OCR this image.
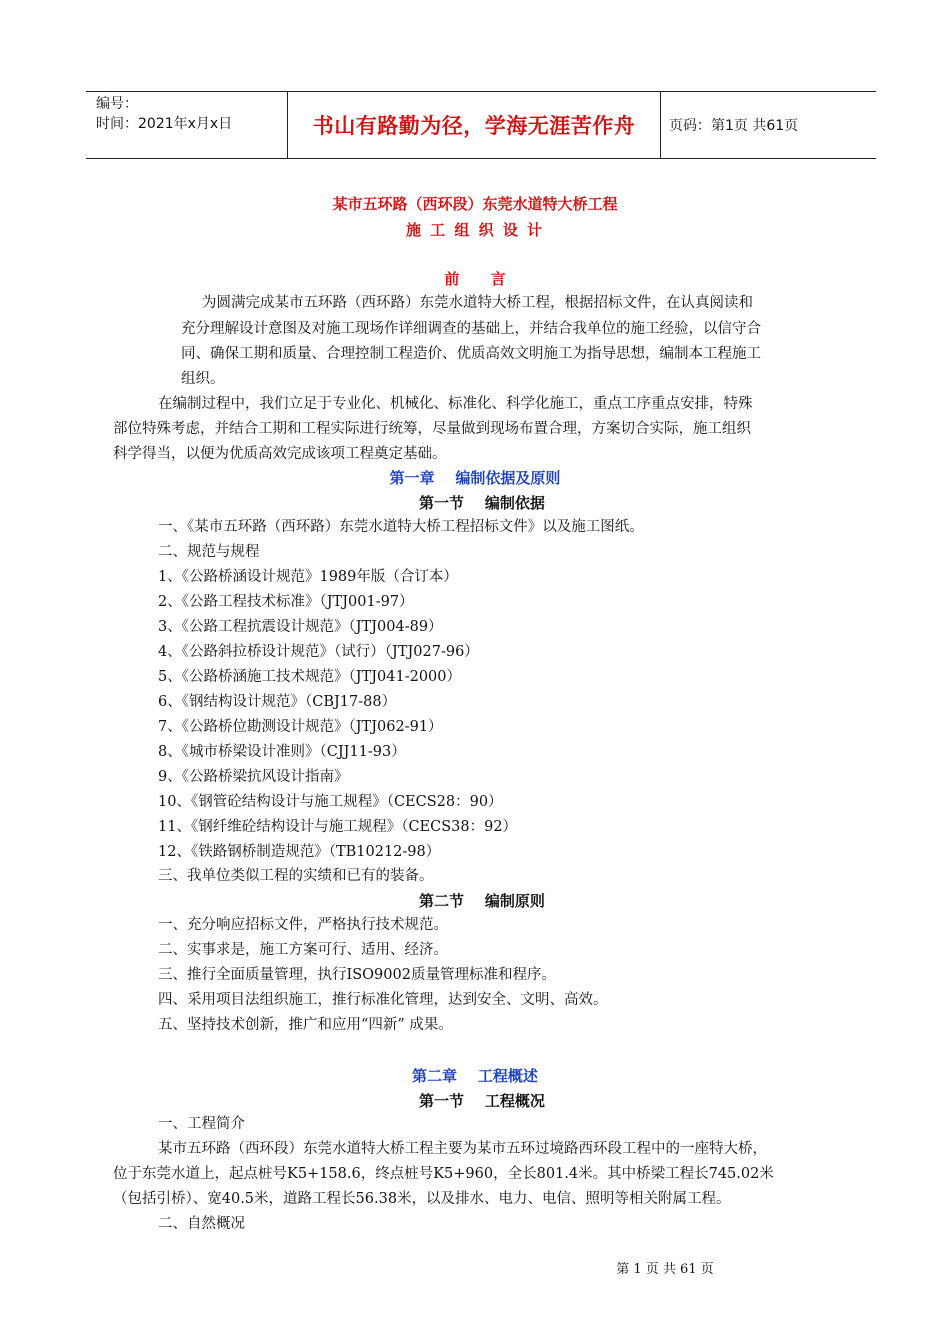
编号：
时间：2021年x月x日	书山有路勤为径，学海无涯苦作舟	页码：第1页 共61页
某市五环路（西环段）东莞水道特大桥工程
施 工 组 织 设 计
前      言
为圆满完成某市五环路（西环路）东莞水道特大桥工程，根据招标文件，在认真阅读和
充分理解设计意图及对施工现场作详细调查的基础上，并结合我单位的施工经验，以信守合
同、确保工期和质量、合理控制工程造价、优质高效文明施工为指导思想，编制本工程施工
组织。
在编制过程中，我们立足于专业化、机械化、标准化、科学化施工，重点工序重点安排，特殊
部位特殊考虑，并结合工期和工程实际进行统筹，尽量做到现场布置合理，方案切合实际，施工组织
科学得当，以便为优质高效完成该项工程奠定基础。
第一章    编制依据及原则
第一节    编制依据
一、《某市五环路（西环路）东莞水道特大桥工程招标文件》以及施工图纸。
二、规范与规程
1、《公路桥涵设计规范》1989年版（合订本）
2、《公路工程技术标准》（JTJ001-97）
3、《公路工程抗震设计规范》（JTJ004-89）
4、《公路斜拉桥设计规范》（试行）（JTJ027-96）
5、《公路桥涵施工技术规范》（JTJ041-2000）
6、《钢结构设计规范》（CBJ17-88）
7、《公路桥位勘测设计规范》（JTJ062-91）
8、《城市桥梁设计准则》（CJJ11-93）
9、《公路桥梁抗风设计指南》
10、《钢管砼结构设计与施工规程》（CECS28：90）
11、《钢纤维砼结构设计与施工规程》（CECS38：92）
12、《铁路钢桥制造规范》（TB10212-98）
三、我单位类似工程的实绩和已有的装备。
第二节    编制原则
一、充分响应招标文件，严格执行技术规范。
二、实事求是，施工方案可行、适用、经济。
三、推行全面质量管理，执行ISO9002质量管理标准和程序。
四、采用项目法组织施工，推行标准化管理，达到安全、文明、高效。
五、坚持技术创新，推广和应用“四新” 成果。
第二章    工程概述
第一节    工程概况
一、工程简介
某市五环路（西环段）东莞水道特大桥工程主要为某市五环过境路西环段工程中的一座特大桥，
位于东莞水道上，起点桩号K5+158.6，终点桩号K5+960，全长801.4米。其中桥梁工程长745.02米
（包括引桥）、宽40.5米，道路工程长56.38米，以及排水、电力、电信、照明等相关附属工程。
二、自然概况
第 1 页 共 61 页
